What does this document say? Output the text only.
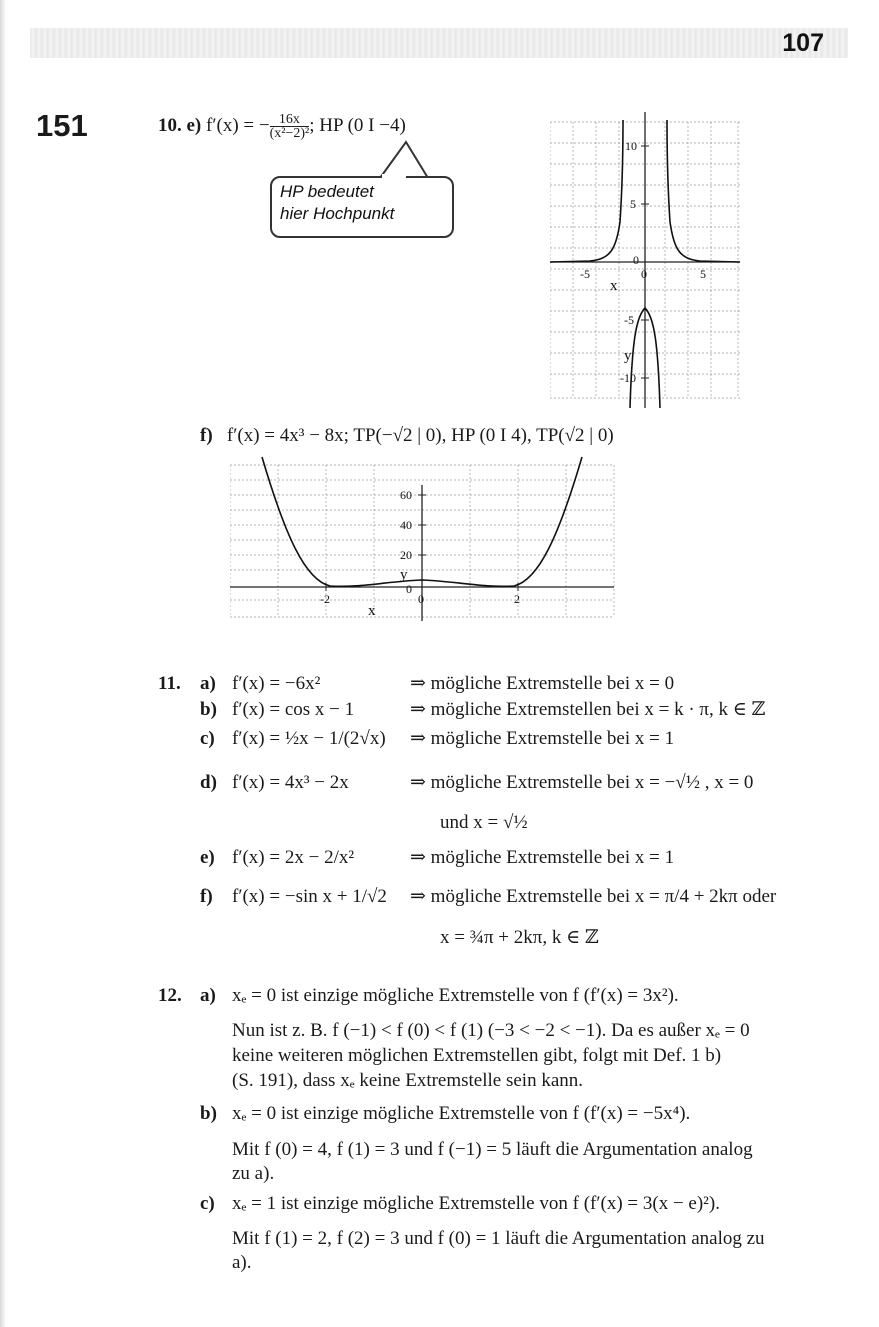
107
151	10. e) f′(x) = − $\frac{16x}{\text{(x²−2)²}}$ ; HP (0 I −4)
HP bedeutet
hier Hochpunkt
10
5
0
-5	0	5
-5
-10
x
y
f) f′(x) = 4x³ − 8x; TP(−√2 | 0), HP (0 I 4), TP(√2 | 0)
60
40
20
0
-2	0	2
x
y
11. a) f′(x) = −6x²	⇒ mögliche Extremstelle bei x = 0
b) f′(x) = cos x − 1	⇒ mögliche Extremstellen bei x = k · π, k ∈ ℤ
c) f′(x) = ½x − 1/(2√x) ⇒ mögliche Extremstelle bei x = 1
d) f′(x) = 4x³ − 2x	⇒ mögliche Extremstelle bei x = −√½ , x = 0
und x = √½
e) f′(x) = 2x − 2/x²	⇒ mögliche Extremstelle bei x = 1
f) f′(x) = −sin x + 1/√2 ⇒ mögliche Extremstelle bei x = π/4 + 2kπ oder
x = ¾π + 2kπ, k ∈ ℤ
12. a) xₑ = 0 ist einzige mögliche Extremstelle von f (f′(x) = 3x²).
Nun ist z. B. f (−1) < f (0) < f (1) (−3 < −2 < −1). Da es außer xₑ = 0
keine weiteren möglichen Extremstellen gibt, folgt mit Def. 1 b)
(S. 191), dass xₑ keine Extremstelle sein kann.
b) xₑ = 0 ist einzige mögliche Extremstelle von f (f′(x) = −5x⁴).
Mit f (0) = 4, f (1) = 3 und f (−1) = 5 läuft die Argumentation analog
zu a).
c) xₑ = 1 ist einzige mögliche Extremstelle von f (f′(x) = 3(x − e)²).
Mit f (1) = 2, f (2) = 3 und f (0) = 1 läuft die Argumentation analog zu
a).
